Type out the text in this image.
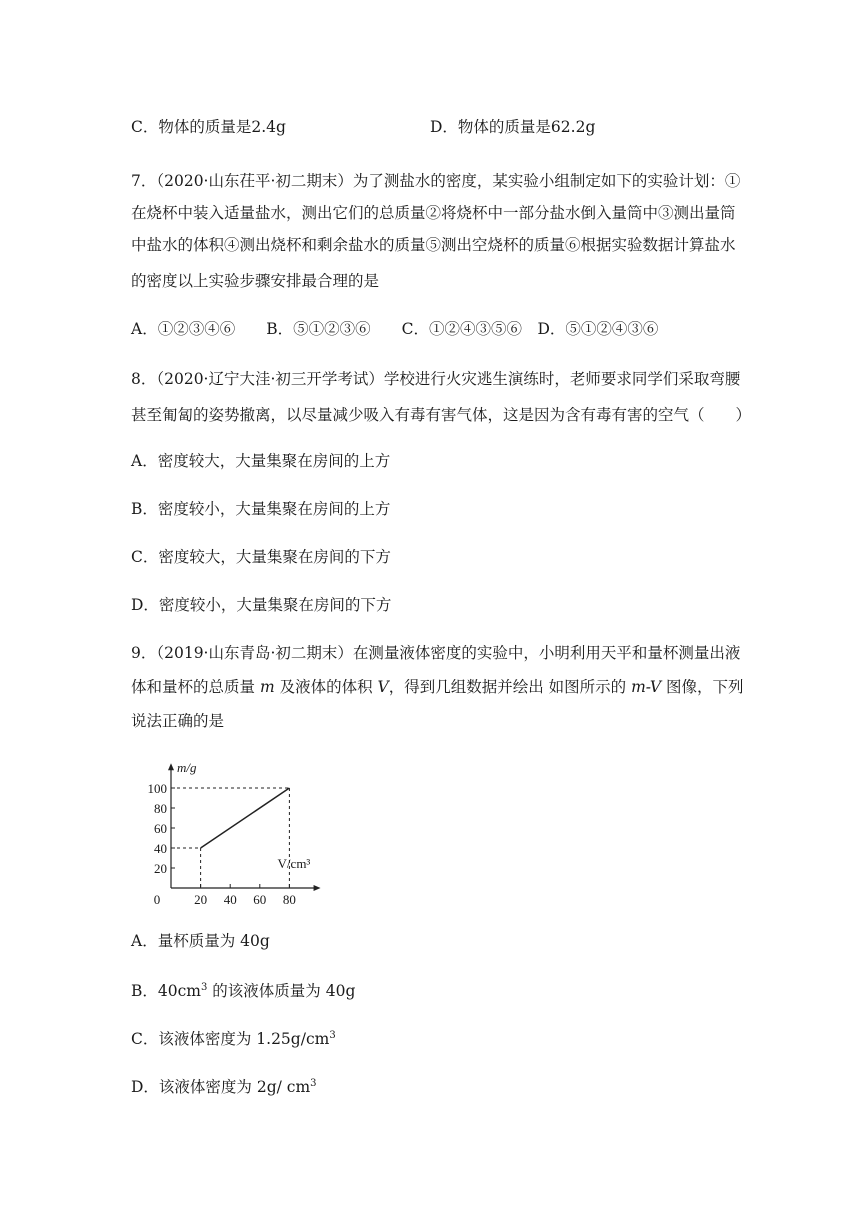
C．物体的质量是2.4g	D．物体的质量是62.2g
7．（2020·山东茌平·初二期末）为了测盐水的密度，某实验小组制定如下的实验计划：①
在烧杯中装入适量盐水，测出它们的总质量②将烧杯中一部分盐水倒入量筒中③测出量筒
中盐水的体积④测出烧杯和剩余盐水的质量⑤测出空烧杯的质量⑥根据实验数据计算盐水
的密度以上实验步骤安排最合理的是
A．①②③④⑥　　B．⑤①②③⑥　　C．①②④③⑤⑥　D．⑤①②④③⑥
8．（2020·辽宁大洼·初三开学考试）学校进行火灾逃生演练时，老师要求同学们采取弯腰
甚至匍匐的姿势撤离，以尽量减少吸入有毒有害气体，这是因为含有毒有害的空气（　　）
A．密度较大，大量集聚在房间的上方
B．密度较小，大量集聚在房间的上方
C．密度较大，大量集聚在房间的下方
D．密度较小，大量集聚在房间的下方
9．（2019·山东青岛·初二期末）在测量液体密度的实验中，小明利用天平和量杯测量出液
体和量杯的总质量 m 及液体的体积 V，得到几组数据并绘出 如图所示的 m-V 图像，下列
说法正确的是
20
40
60
80
100
0	20 40 60 80
m/g
V/cm³
A．量杯质量为 40g
B．$40cm^3$ 的该液体质量为 40g
C．该液体密度为 $1.25g/cm^3$
D．该液体密度为 2g/ $cm^3$
